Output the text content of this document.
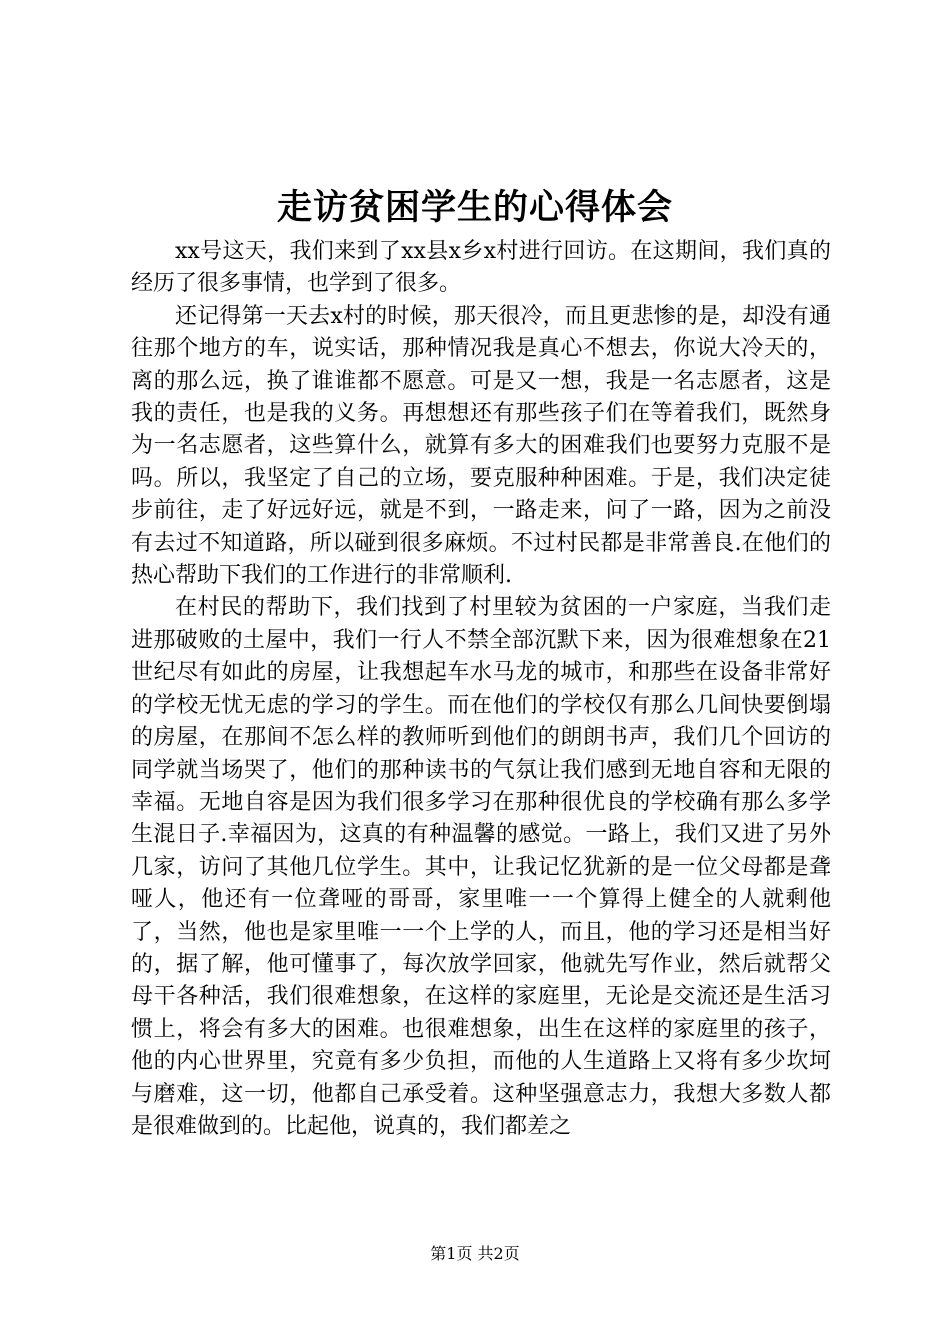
走访贫困学生的心得体会

xx号这天，我们来到了xx县x乡x村进行回访。在这期间，我们真的经历了很多事情，也学到了很多。

还记得第一天去x村的时候，那天很冷，而且更悲惨的是，却没有通往那个地方的车，说实话，那种情况我是真心不想去，你说大冷天的，离的那么远，换了谁谁都不愿意。可是又一想，我是一名志愿者，这是我的责任，也是我的义务。再想想还有那些孩子们在等着我们，既然身为一名志愿者，这些算什么，就算有多大的困难我们也要努力克服不是吗。所以，我坚定了自己的立场，要克服种种困难。于是，我们决定徒步前往，走了好远好远，就是不到，一路走来，问了一路，因为之前没有去过不知道路，所以碰到很多麻烦。不过村民都是非常善良.在他们的热心帮助下我们的工作进行的非常顺利.

在村民的帮助下，我们找到了村里较为贫困的一户家庭，当我们走进那破败的土屋中，我们一行人不禁全部沉默下来，因为很难想象在21世纪尽有如此的房屋，让我想起车水马龙的城市，和那些在设备非常好的学校无忧无虑的学习的学生。而在他们的学校仅有那么几间快要倒塌的房屋，在那间不怎么样的教师听到他们的朗朗书声，我们几个回访的同学就当场哭了，他们的那种读书的气氛让我们感到无地自容和无限的幸福。无地自容是因为我们很多学习在那种很优良的学校确有那么多学生混日子.幸福因为，这真的有种温馨的感觉。一路上，我们又进了另外几家，访问了其他几位学生。其中，让我记忆犹新的是一位父母都是聋哑人，他还有一位聋哑的哥哥，家里唯一一个算得上健全的人就剩他了，当然，他也是家里唯一一个上学的人，而且，他的学习还是相当好的，据了解，他可懂事了，每次放学回家，他就先写作业，然后就帮父母干各种活，我们很难想象，在这样的家庭里，无论是交流还是生活习惯上，将会有多大的困难。也很难想象，出生在这样的家庭里的孩子，他的内心世界里，究竟有多少负担，而他的人生道路上又将有多少坎坷与磨难，这一切，他都自己承受着。这种坚强意志力，我想大多数人都是很难做到的。比起他，说真的，我们都差之

第1页 共2页
